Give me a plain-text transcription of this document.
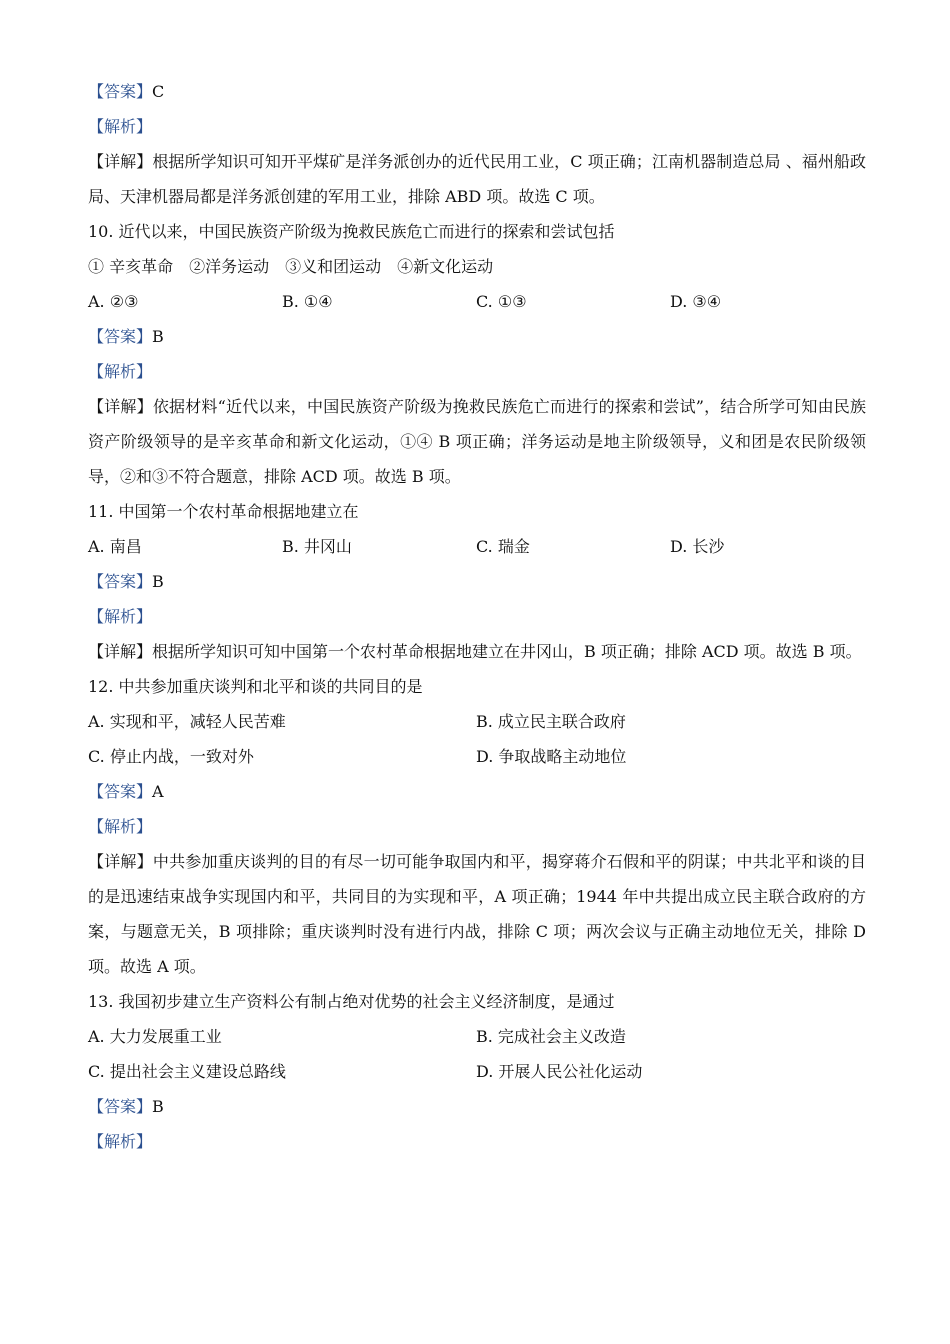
【答案】C
【解析】
【详解】根据所学知识可知开平煤矿是洋务派创办的近代民用工业，C 项正确；江南机器制造总局 、福州船政局、天津机器局都是洋务派创建的军用工业，排除 ABD 项。故选 C 项。
10. 近代以来，中国民族资产阶级为挽救民族危亡而进行的探索和尝试包括
① 辛亥革命　②洋务运动　③义和团运动　④新文化运动
A. ②③	B. ①④	C. ①③	D. ③④
【答案】B
【解析】
【详解】依据材料“近代以来，中国民族资产阶级为挽救民族危亡而进行的探索和尝试”，结合所学可知由民族资产阶级领导的是辛亥革命和新文化运动，①④ B 项正确；洋务运动是地主阶级领导，义和团是农民阶级领导，②和③不符合题意，排除 ACD 项。故选 B 项。
11. 中国第一个农村革命根据地建立在
A. 南昌	B. 井冈山	C. 瑞金	D. 长沙
【答案】B
【解析】
【详解】根据所学知识可知中国第一个农村革命根据地建立在井冈山，B 项正确；排除 ACD 项。故选 B 项。
12. 中共参加重庆谈判和北平和谈的共同目的是
A. 实现和平，减轻人民苦难	B. 成立民主联合政府
C. 停止内战，一致对外	D. 争取战略主动地位
【答案】A
【解析】
【详解】中共参加重庆谈判的目的有尽一切可能争取国内和平，揭穿蒋介石假和平的阴谋；中共北平和谈的目的是迅速结束战争实现国内和平，共同目的为实现和平，A 项正确；1944 年中共提出成立民主联合政府的方案，与题意无关，B 项排除；重庆谈判时没有进行内战，排除 C 项；两次会议与正确主动地位无关，排除 D 项。故选 A 项。
13. 我国初步建立生产资料公有制占绝对优势的社会主义经济制度，是通过
A. 大力发展重工业	B. 完成社会主义改造
C. 提出社会主义建设总路线	D. 开展人民公社化运动
【答案】B
【解析】
